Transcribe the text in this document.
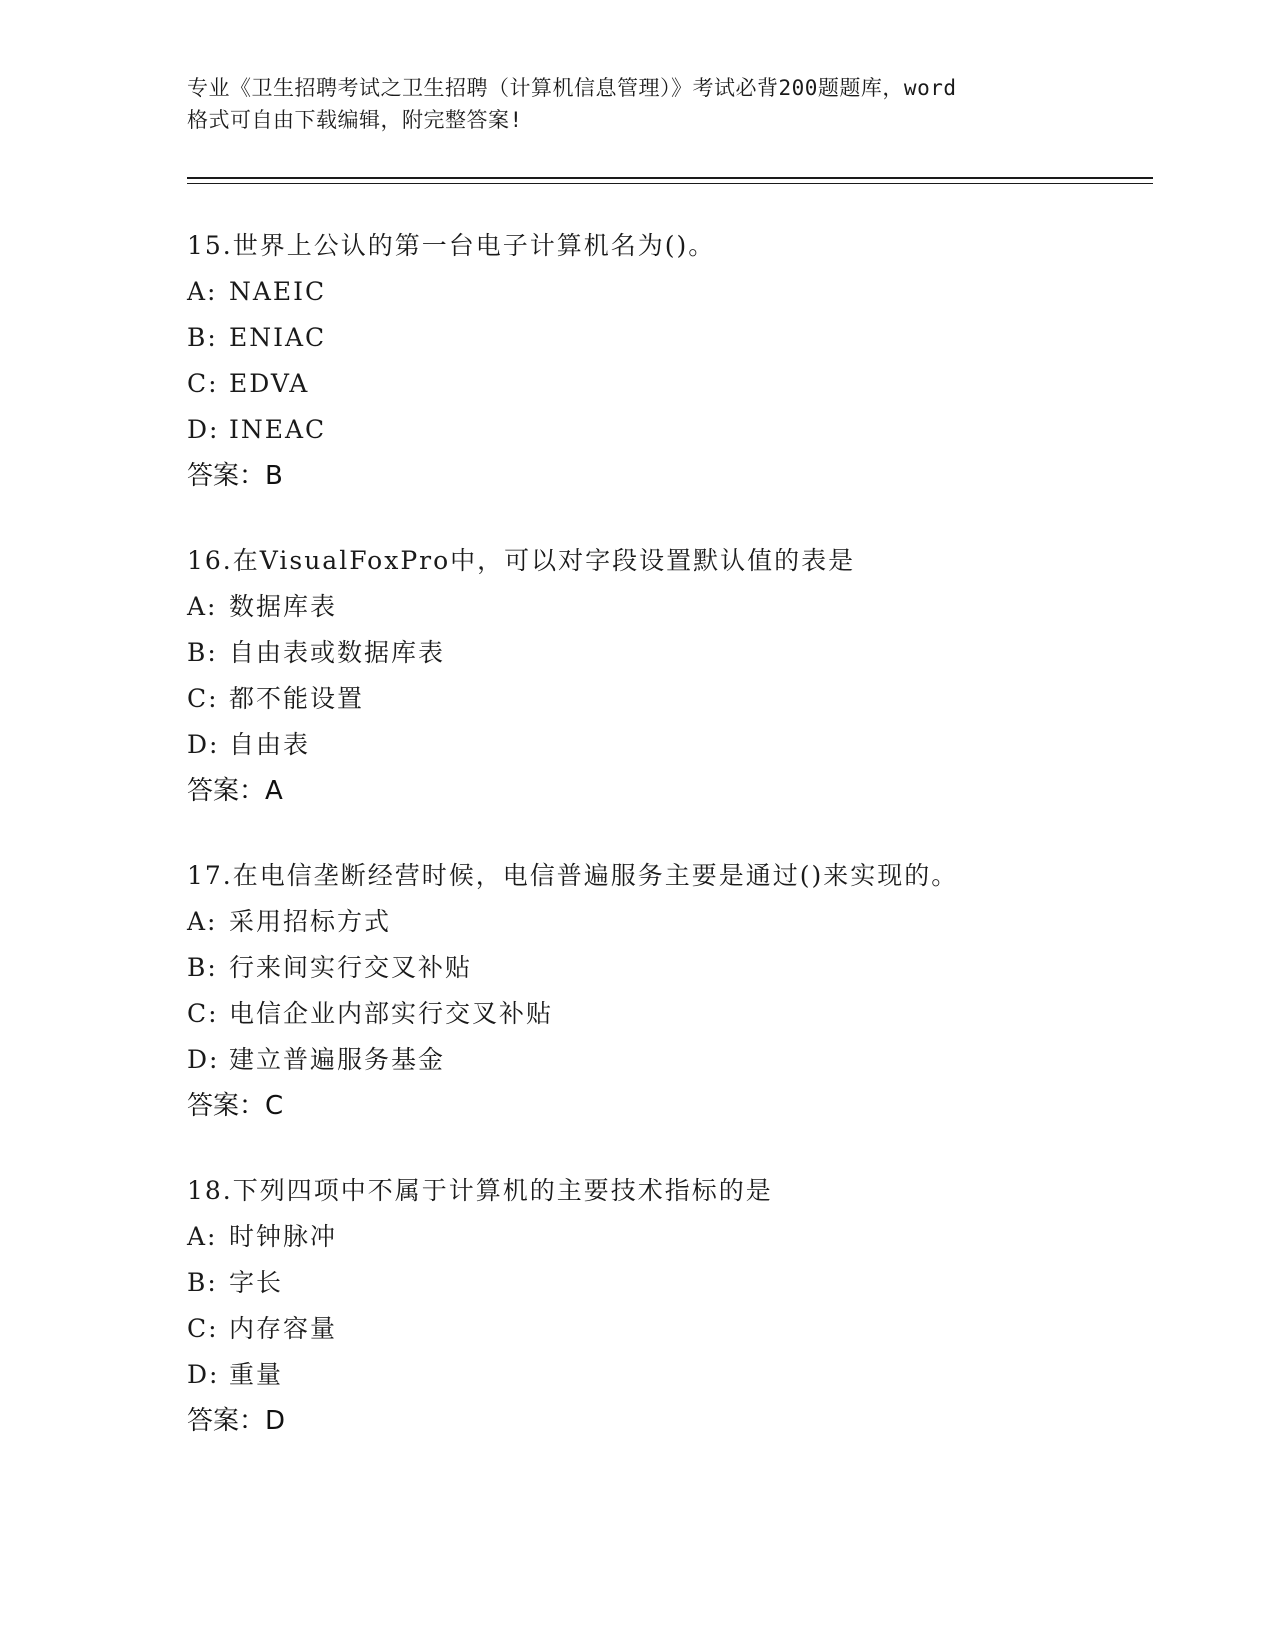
专业《卫生招聘考试之卫生招聘（计算机信息管理）》考试必背200题题库，word
格式可自由下载编辑，附完整答案!
15.世界上公认的第一台电子计算机名为()。
A: NAEIC
B: ENIAC
C: EDVA
D: INEAC
答案：B
16.在VisualFoxPro中，可以对字段设置默认值的表是
A: 数据库表
B: 自由表或数据库表
C: 都不能设置
D: 自由表
答案：A
17.在电信垄断经营时候，电信普遍服务主要是通过()来实现的。
A: 采用招标方式
B: 行来间实行交叉补贴
C: 电信企业内部实行交叉补贴
D: 建立普遍服务基金
答案：C
18.下列四项中不属于计算机的主要技术指标的是
A: 时钟脉冲
B: 字长
C: 内存容量
D: 重量
答案：D
